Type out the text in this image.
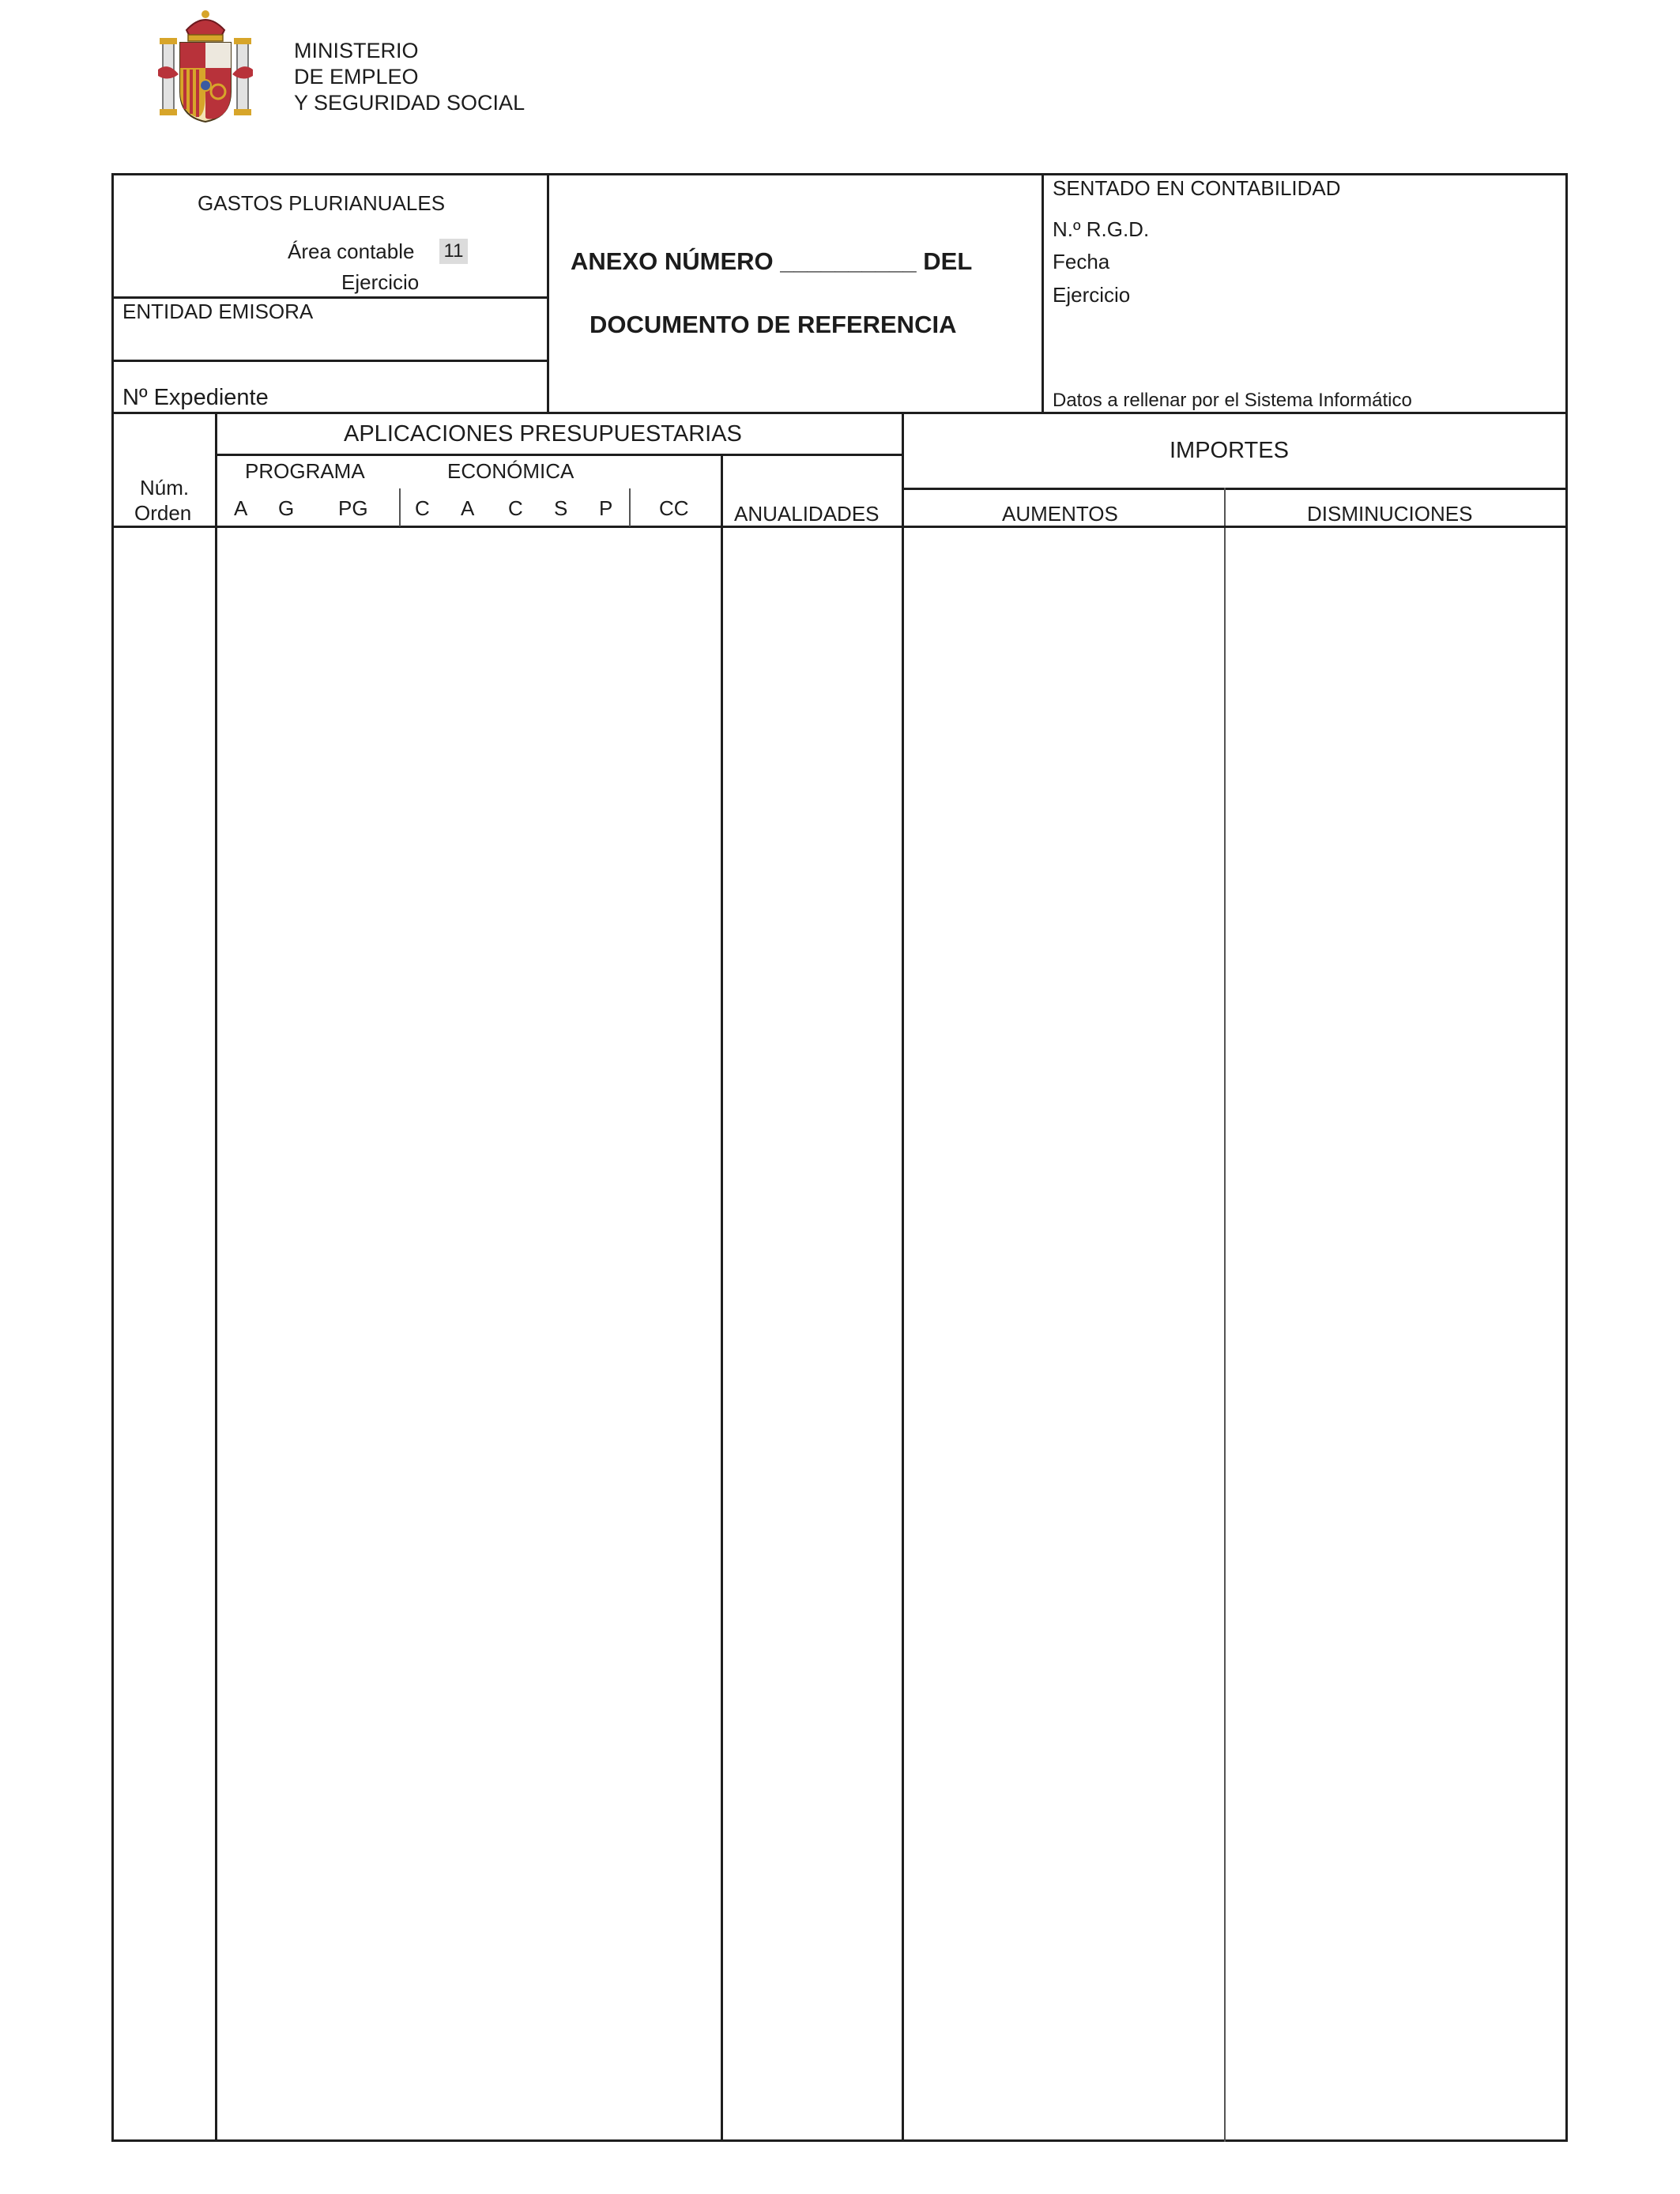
MINISTERIO
DE EMPLEO
Y SEGURIDAD SOCIAL
GASTOS PLURIANUALES
Área contable 11
Ejercicio
ENTIDAD EMISORA
Nº Expediente
ANEXO NÚMERO __________ DEL
DOCUMENTO DE REFERENCIA
SENTADO EN CONTABILIDAD
N.º R.G.D.
Fecha
Ejercicio
Datos a rellenar por el Sistema Informático
Núm.
Orden
APLICACIONES PRESUPUESTARIAS
PROGRAMA	ECONÓMICA
A G PG C A C S P CC ANUALIDADES
IMPORTES
AUMENTOS	DISMINUCIONES
